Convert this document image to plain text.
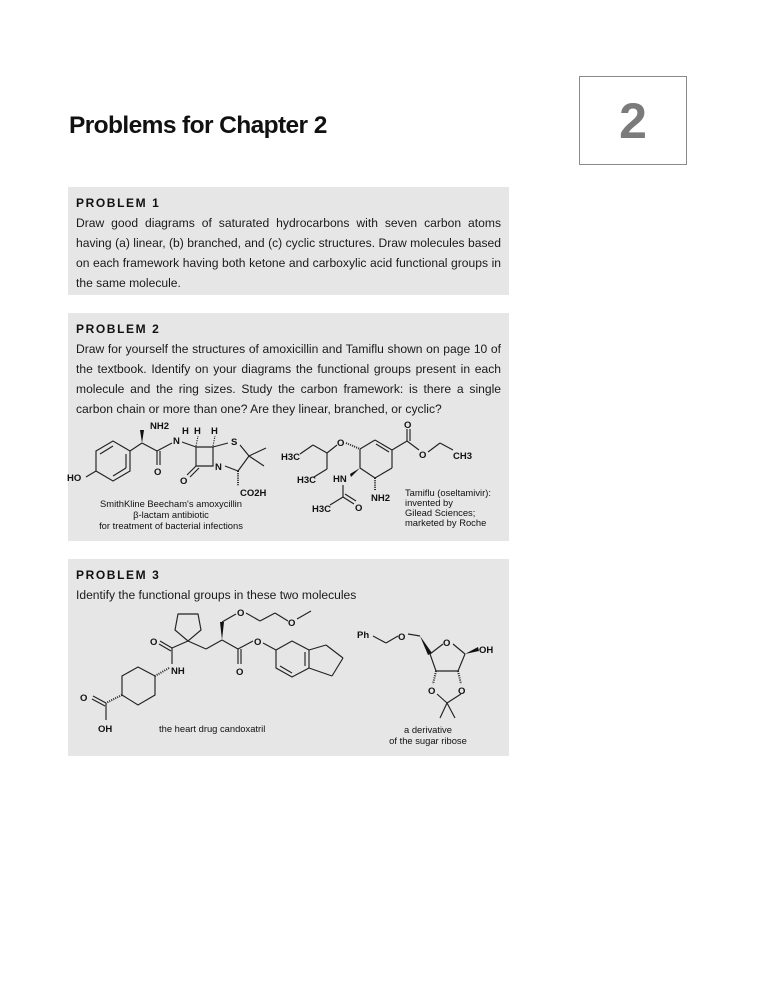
Problems for Chapter 2	2
PROBLEM 1

Draw good diagrams of saturated hydrocarbons with seven carbon atoms having (a) linear, (b) branched, and (c) cyclic structures. Draw molecules based on each framework having both ketone and carboxylic acid functional groups in the same molecule.

PROBLEM 2

Draw for yourself the structures of amoxicillin and Tamiflu shown on page 10 of the textbook. Identify on your diagrams the functional groups present in each molecule and the ring sizes. Study the carbon framework: is there a single carbon chain or more than one? Are they linear, branched, or cyclic?

HO
NH2
O
N
H H H
O
N
S
CO2H
SmithKline Beecham's amoxycillin
β-lactam antibiotic
for treatment of bacterial infections
H3C
O
H3C
O
O	CH3
HN
H3C	O
NH2
Tamiflu (oseltamivir):
invented by
Gilead Sciences;
marketed by Roche
PROBLEM 3

Identify the functional groups in these two molecules

O
NH
O
OH
O
O
O
O
the heart drug candoxatril
Ph	O
O
OH
O O
a derivative
of the sugar ribose
